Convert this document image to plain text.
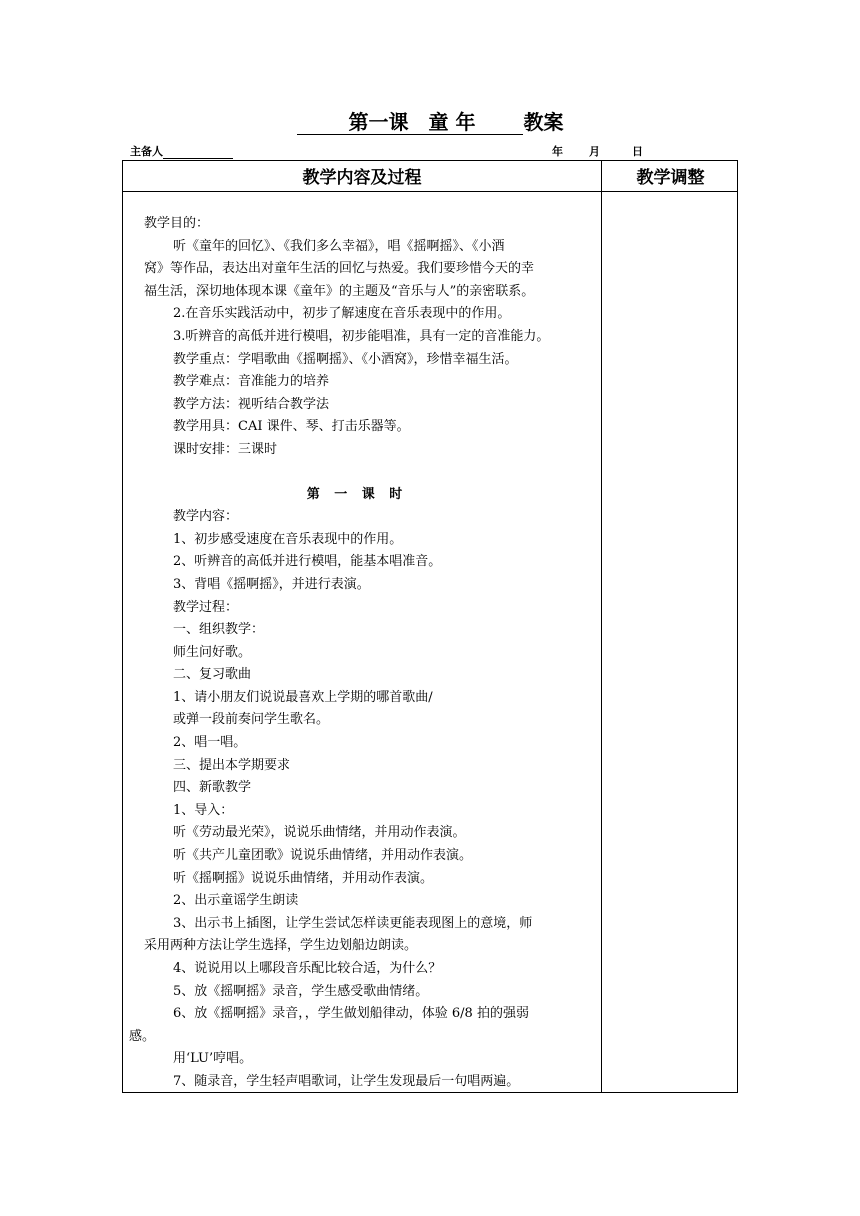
第一课　童 年 教案
主备人	年 月	日
教学内容及过程	教学调整
教学目的：
听《童年的回忆》、《我们多么幸福》，唱《摇啊摇》、《小酒
窝》等作品，表达出对童年生活的回忆与热爱。我们要珍惜今天的幸
福生活，深切地体现本课《童年》的主题及“音乐与人”的亲密联系。
2.在音乐实践活动中，初步了解速度在音乐表现中的作用。
3.听辨音的高低并进行模唱，初步能唱准，具有一定的音准能力。
教学重点：学唱歌曲《摇啊摇》、《小酒窝》，珍惜幸福生活。
教学难点：音准能力的培养
教学方法：视听结合教学法
教学用具：CAI 课件、琴、打击乐器等。
课时安排：三课时
第 一 课 时
教学内容：
1、初步感受速度在音乐表现中的作用。
2、听辨音的高低并进行模唱，能基本唱准音。
3、背唱《摇啊摇》，并进行表演。
教学过程：
一、组织教学：
师生问好歌。
二、复习歌曲
1、请小朋友们说说最喜欢上学期的哪首歌曲/
或弹一段前奏问学生歌名。
2、唱一唱。
三、提出本学期要求
四、新歌教学
1、导入：
听《劳动最光荣》，说说乐曲情绪，并用动作表演。
听《共产儿童团歌》说说乐曲情绪，并用动作表演。
听《摇啊摇》说说乐曲情绪，并用动作表演。
2、出示童谣学生朗读
3、出示书上插图，让学生尝试怎样读更能表现图上的意境，师
采用两种方法让学生选择，学生边划船边朗读。
4、说说用以上哪段音乐配比较合适，为什么？
5、放《摇啊摇》录音，学生感受歌曲情绪。
6、放《摇啊摇》录音，，学生做划船律动，体验 6/8 拍的强弱
感。
用‘LU’哼唱。
7、随录音，学生轻声唱歌词，让学生发现最后一句唱两遍。
